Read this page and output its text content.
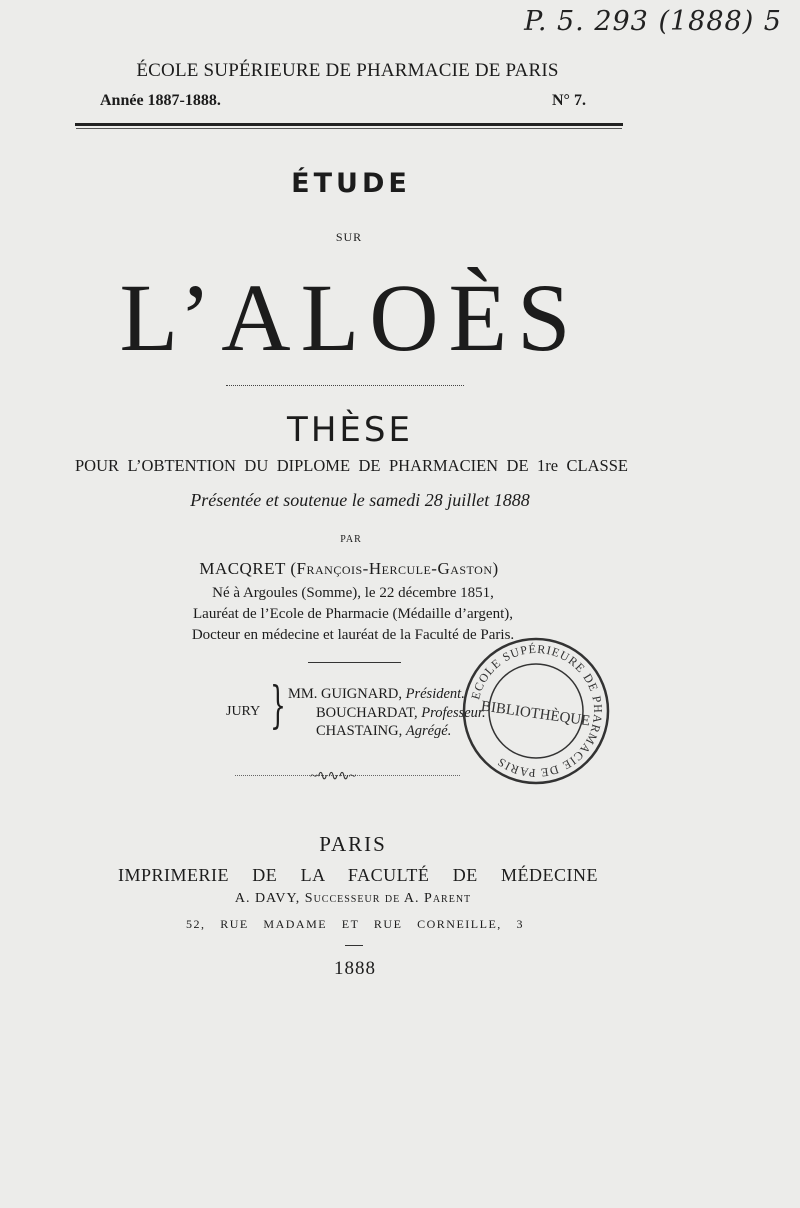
P. 5. 293 (1888) 5
ÉCOLE SUPÉRIEURE DE PHARMACIE DE PARIS
Année 1887-1888.	N° 7.
ÉTUDE
SUR
L’ALOÈS
THÈSE
POUR L’OBTENTION DU DIPLOME DE PHARMACIEN DE 1re CLASSE
Présentée et soutenue le samedi 28 juillet 1888
PAR
MACQRET (François-Hercule-Gaston)
Né à Argoules (Somme), le 22 décembre 1851,
Lauréat de l’Ecole de Pharmacie (Médaille d’argent),
Docteur en médecine et lauréat de la Faculté de Paris.
JURY } MM. GUIGNARD, Président.
BOUCHARDAT, Professeur.
CHASTAING, Agrégé.
~∿∿∿~
ECOLE SUPÉRIEURE DE PHARMACIE DE PARIS
BIBLIOTHÈQUE
PARIS
IMPRIMERIE DE LA FACULTÉ DE MÉDECINE
A. DAVY, Successeur de A. Parent
52, RUE MADAME ET RUE CORNEILLE, 3
1888
